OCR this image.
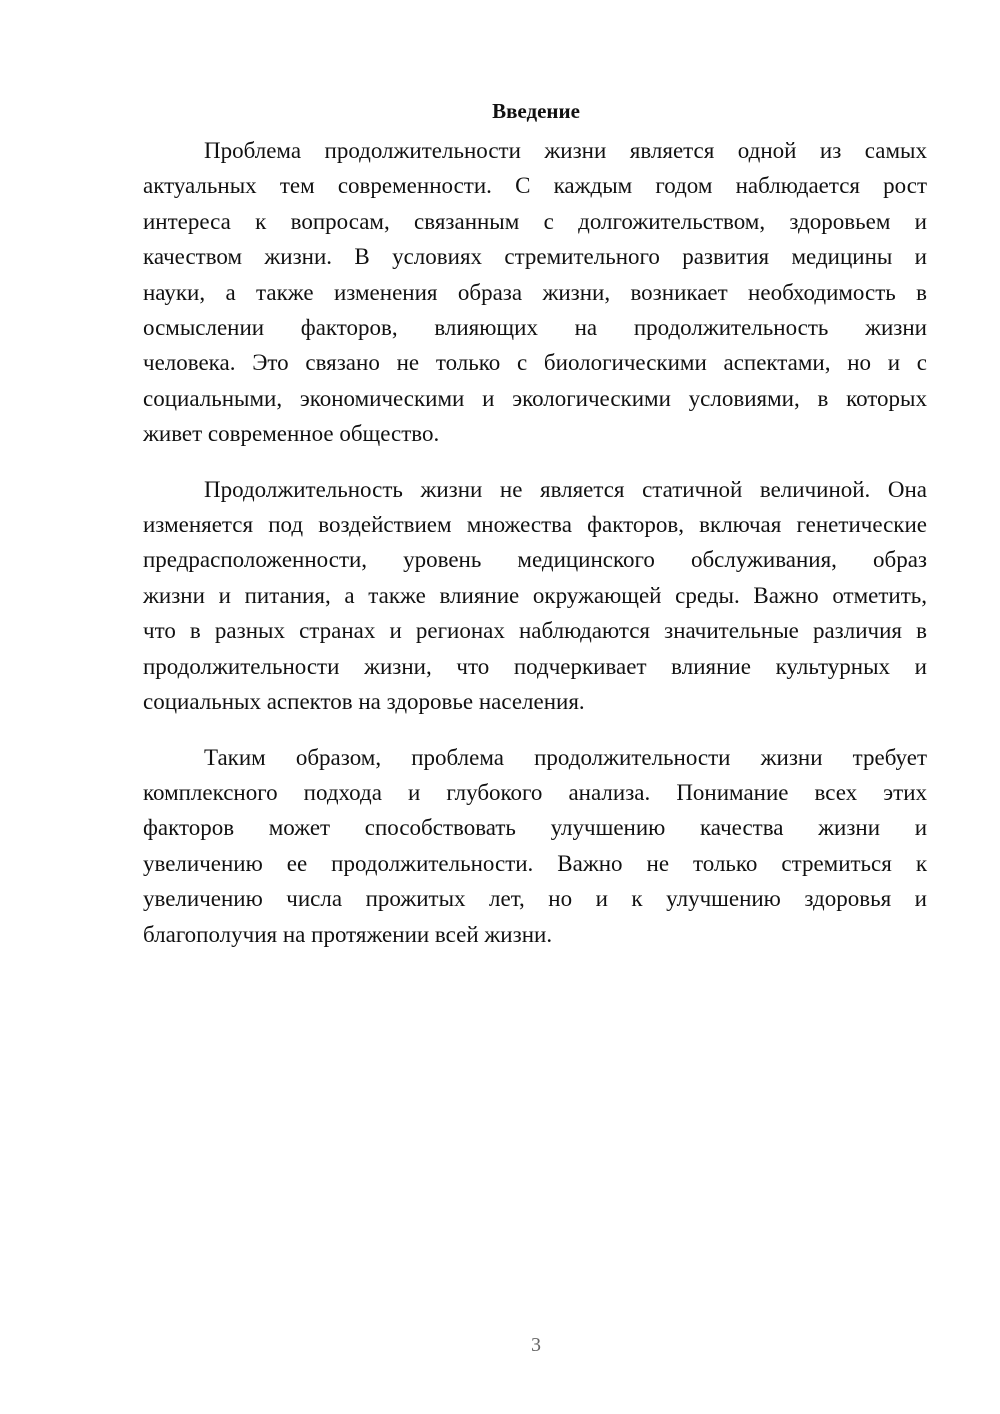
Введение
Проблема продолжительности жизни является одной из самых
актуальных тем современности. С каждым годом наблюдается рост
интереса к вопросам, связанным с долгожительством, здоровьем и
качеством жизни. В условиях стремительного развития медицины и
науки, а также изменения образа жизни, возникает необходимость в
осмыслении факторов, влияющих на продолжительность жизни
человека. Это связано не только с биологическими аспектами, но и с
социальными, экономическими и экологическими условиями, в которых
живет современное общество.
Продолжительность жизни не является статичной величиной. Она
изменяется под воздействием множества факторов, включая генетические
предрасположенности, уровень медицинского обслуживания, образ
жизни и питания, а также влияние окружающей среды. Важно отметить,
что в разных странах и регионах наблюдаются значительные различия в
продолжительности жизни, что подчеркивает влияние культурных и
социальных аспектов на здоровье населения.
Таким образом, проблема продолжительности жизни требует
комплексного подхода и глубокого анализа. Понимание всех этих
факторов может способствовать улучшению качества жизни и
увеличению ее продолжительности. Важно не только стремиться к
увеличению числа прожитых лет, но и к улучшению здоровья и
благополучия на протяжении всей жизни.
3
